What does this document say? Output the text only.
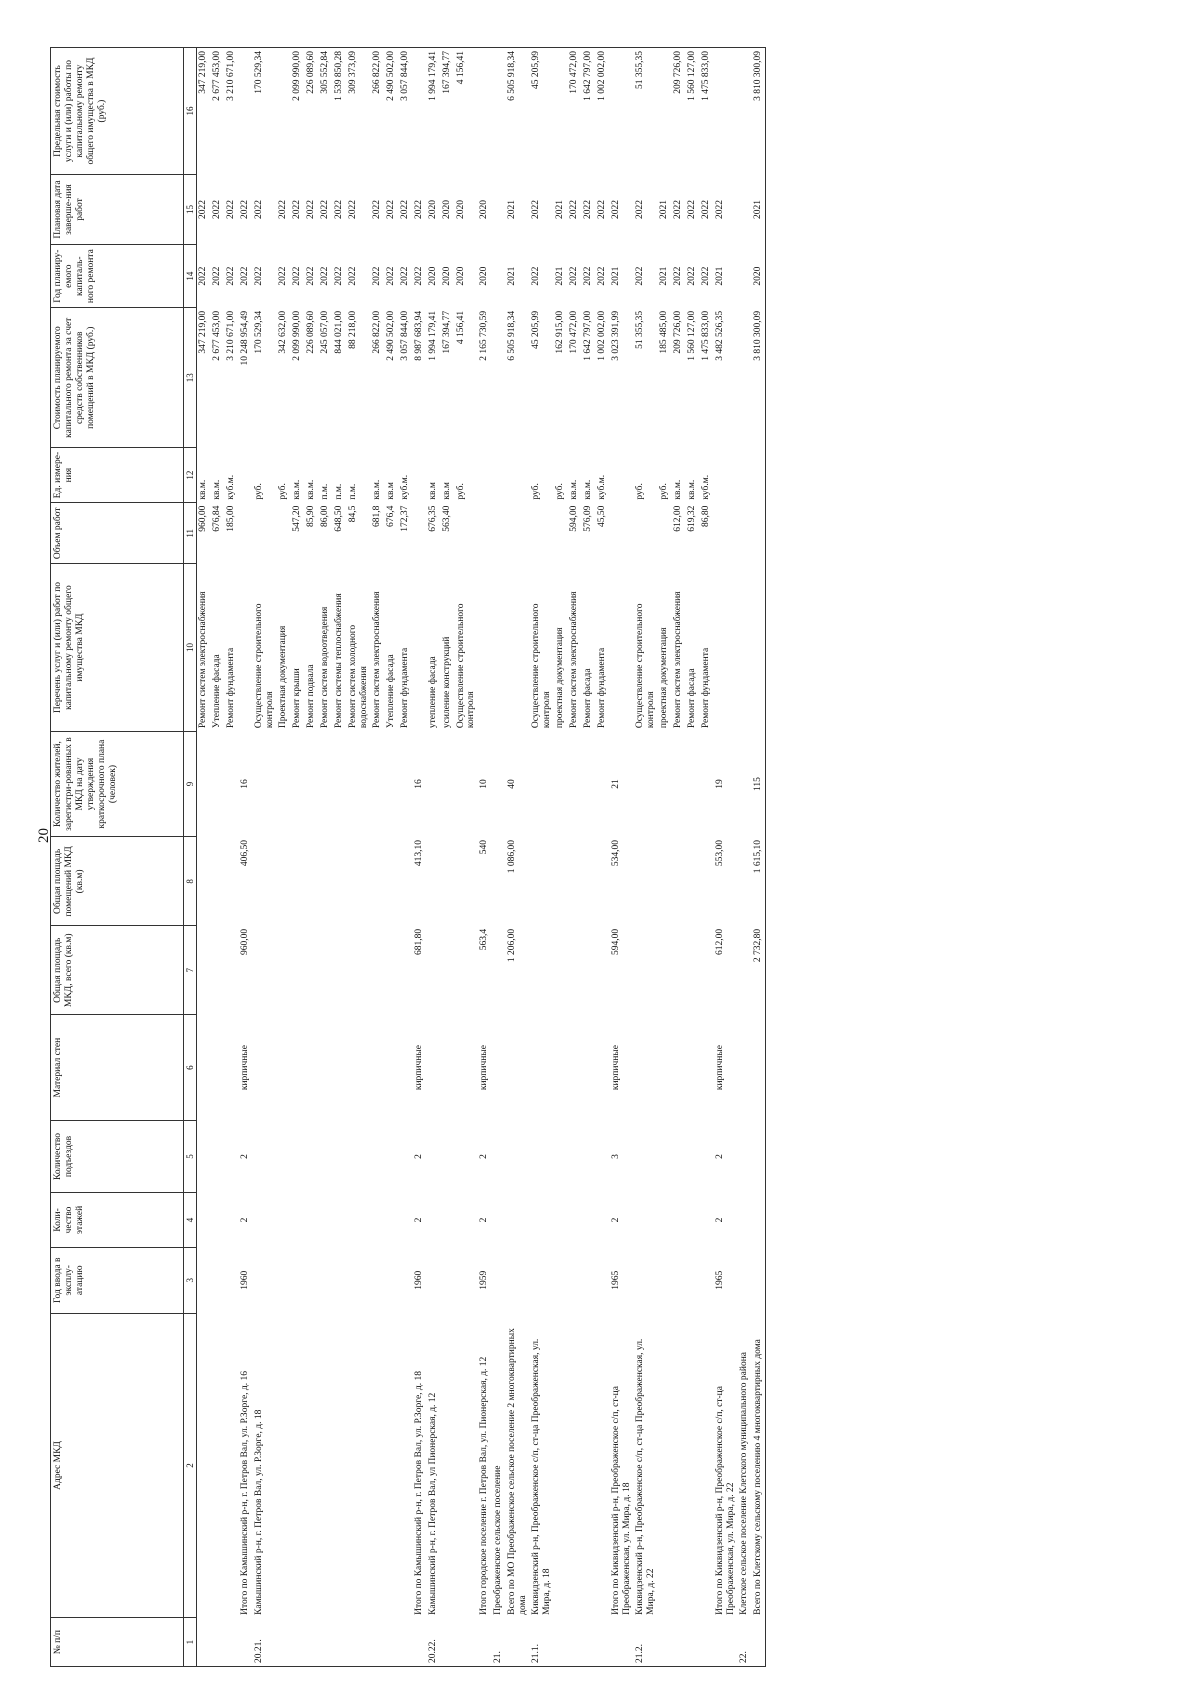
20
№ п/п	Адрес МКД	Год ввода в эксплу-атацию	Коли-чество этажей	Количество подъездов	Материал стен	Общая площадь МКД, всего (кв.м)	Общая площадь помещений МКД (кв.м)	Количество жителей, зарегистри-рованных в МКД на дату утверждения краткосрочного плана (человек)	Перечень услуг и (или) работ по капитальному ремонту общего имущества МКД	Объем работ	Ед. измере-ния	Стоимость планируемого капитального ремонта за счет средств собственников помещений в МКД (руб.)	Год планиру-емого капиталь-ного ремонта	Плановая дата заверше-ния работ	Предельная стоимость услуги и (или) работы по капитальному ремонту общего имущества в МКД (руб.)
1	2	3	4	5	6	7	8	9	10	11	12	13	14	15	16
									Ремонт систем электроснабжения	960,00	кв.м.	347 219,00	2022	2022	347 219,00
									Утепление фасада	676,84	кв.м.	2 677 453,00	2022	2022	2 677 453,00
									Ремонт фундамента	185,00	куб.м.	3 210 671,00	2022	2022	3 210 671,00
	Итого по Камышинский р-н, г. Петров Вал, ул. Р.Зорге, д. 16	1960	2	2	кирпичные	960,00	406,50	16				10 248 954,49	2022	2022	
20.21.	Камышинский р-н, г. Петров Вал, ул. Р.Зорге, д. 18								Осуществление строительного контроля		руб.	170 529,34	2022	2022	170 529,34
									Проектная документация		руб.	342 632,00	2022	2022	
									Ремонт крыши	547,20	кв.м.	2 099 990,00	2022	2022	2 099 990,00
									Ремонт подвала	85,90	кв.м.	226 089,60	2022	2022	226 089,60
									Ремонт систем водоотведения	86,00	п.м.	245 057,00	2022	2022	305 552,84
									Ремонт системы теплоснабжения	648,50	п.м.	844 021,00	2022	2022	1 539 850,28
									Ремонт систем холодного водоснабжения	84,5	п.м.	88 218,00	2022	2022	309 373,09
									Ремонт систем электроснабжения	681,8	кв.м.	266 822,00	2022	2022	266 822,00
									Утепление фасада	676,4	кв.м	2 490 502,00	2022	2022	2 490 502,00
									Ремонт фундамента	172,37	куб.м.	3 057 844,00	2022	2022	3 057 844,00
	Итого по Камышинский р-н, г. Петров Вал, ул. Р.Зорге, д. 18	1960	2	2	кирпичные	681,80	413,10	16				8 987 683,94	2022	2022	
20.22.	Камышинский р-н, г. Петров Вал, ул Пионерская, д. 12								утепление фасада	676,35	кв.м	1 994 179,41	2020	2020	1 994 179,41
									усиление конструкций	563,40	кв.м	167 394,77	2020	2020	167 394,77
									Осуществление строительного контроля		руб.	4 156,41	2020	2020	4 156,41
	Итого городское поселение г. Петров Вал, ул. Пионерская, д. 12	1959	2	2	кирпичные	563,4	540	10				2 165 730,59	2020	2020	
21.	Преображенское сельское поселение														
	Всего по МО Преображенское сельское поселение 2 многоквартирных дома					1 206,00	1 086,00	40				6 505 918,34	2021	2021	6 505 918,34
21.1.	Киквидзенский р-н, Преображенское с/п, ст-ца Преображенская, ул. Мира, д. 18								Осуществление строительного контроля		руб.	45 205,99	2022	2022	45 205,99
									проектная документация		руб.	162 915,00	2021	2021	
									Ремонт систем электроснабжения	594,00	кв.м.	170 472,00	2022	2022	170 472,00
									Ремонт фасада	576,09	кв.м.	1 642 797,00	2022	2022	1 642 797,00
									Ремонт фундамента	45,50	куб.м.	1 002 002,00	2022	2022	1 002 002,00
	Итого по Киквидзенский р-н, Преображенское с/п, ст-ца Преображенская, ул. Мира, д. 18	1965	2	3	кирпичные	594,00	534,00	21				3 023 391,99	2021	2022	
21.2.	Киквидзенский р-н, Преображенское с/п, ст-ца Преображенская, ул. Мира, д. 22								Осуществление строительного контроля		руб.	51 355,35	2022	2022	51 355,35
									проектная документация		руб.	185 485,00	2021	2021	
									Ремонт систем электроснабжения	612,00	кв.м.	209 726,00	2022	2022	209 726,00
									Ремонт фасада	619,32	кв.м.	1 560 127,00	2022	2022	1 560 127,00
									Ремонт фундамента	86,80	куб.м.	1 475 833,00	2022	2022	1 475 833,00
	Итого по Киквидзенский р-н, Преображенское с/п, ст-ца Преображенская, ул. Мира, д. 22	1965	2	2	кирпичные	612,00	553,00	19				3 482 526,35	2021	2022	
22.	Клетское сельское поселение Клетского муниципального района														
	Всего по Клетскому сельскому поселению 4 многоквартирных дома					2 732,80	1 615,10	115				3 810 300,09	2020	2021	3 810 300,09
